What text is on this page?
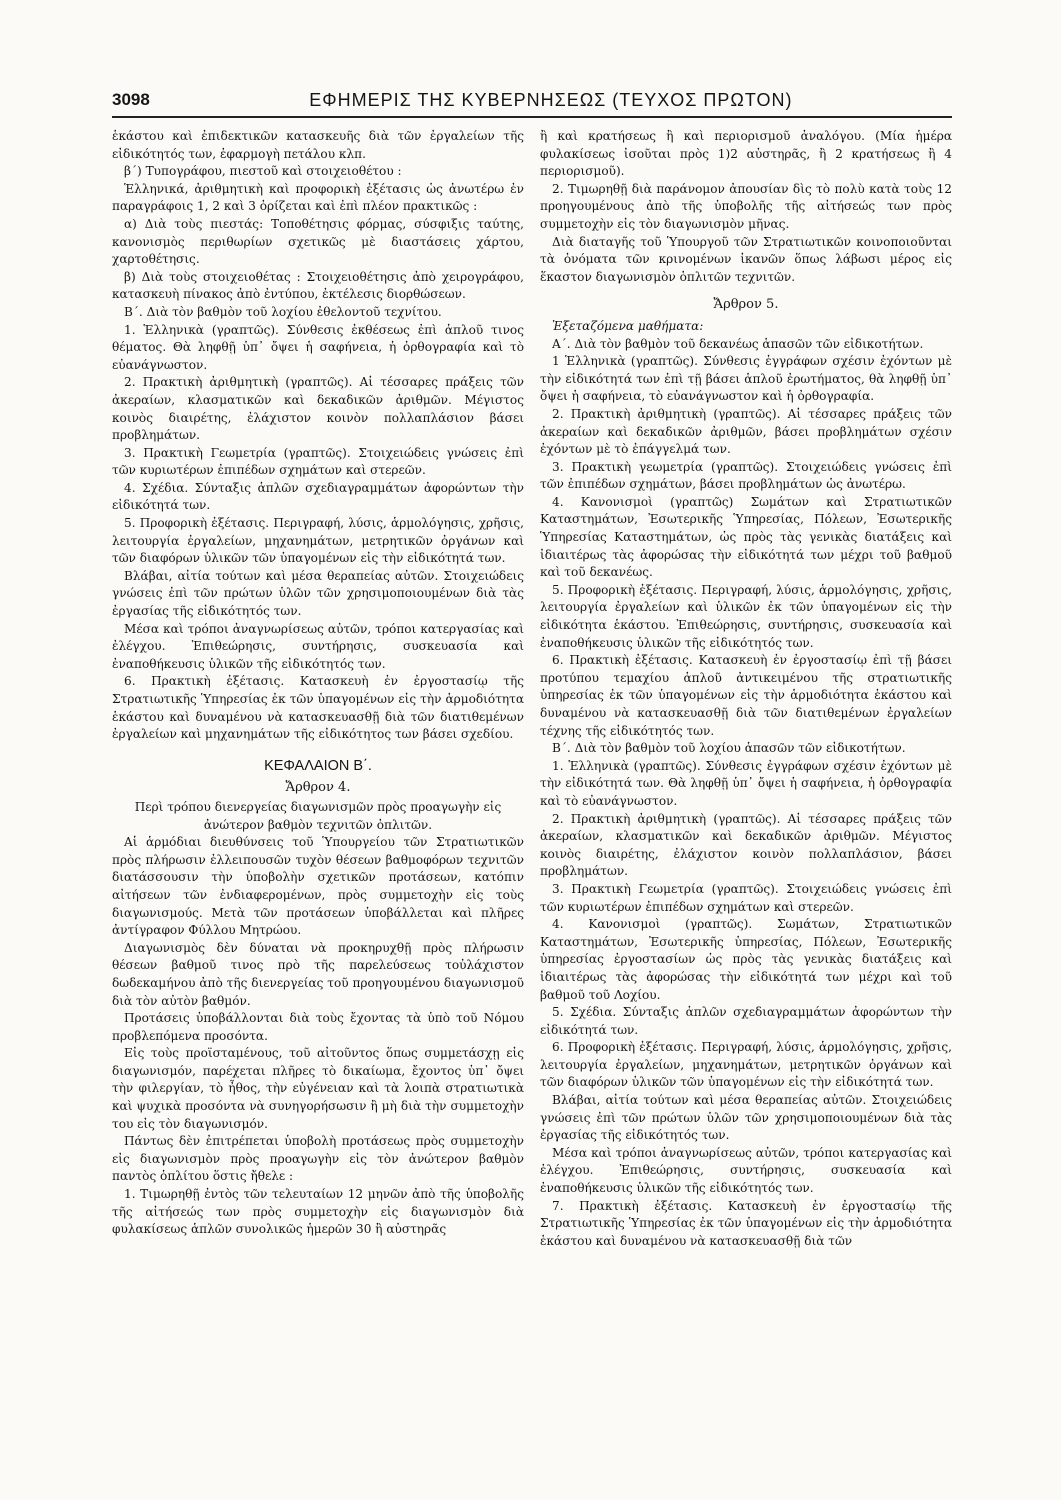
3098	ΕΦΗΜΕΡΙΣ ΤΗΣ ΚΥΒΕΡΝΗΣΕΩΣ (ΤΕΥΧΟΣ ΠΡΩΤΟΝ)

ἑκάστου καὶ ἐπιδεκτικῶν κατασκευῆς διὰ τῶν ἐργαλείων τῆς εἰδικότητός των, ἐφαρμογὴ πετάλου κλπ.

β΄) Τυπογράφου, πιεστοῦ καὶ στοιχειοθέτου :

Ἑλληνικά, ἀριθμητικὴ καὶ προφορικὴ ἐξέτασις ὡς ἀνωτέρω ἐν παραγράφοις 1, 2 καὶ 3 ὁρίζεται καὶ ἐπὶ πλέον πρακτικῶς :

α) Διὰ τοὺς πιεστάς: Τοποθέτησις φόρμας, σύσφιξις ταύτης, κανονισμὸς περιθωρίων σχετικῶς μὲ διαστάσεις χάρτου, χαρτοθέτησις.

β) Διὰ τοὺς στοιχειοθέτας : Στοιχειοθέτησις ἀπὸ χειρογράφου, κατασκευὴ πίνακος ἀπὸ ἐντύπου, ἐκτέλεσις διορθώσεων.

Β΄. Διὰ τὸν βαθμὸν τοῦ λοχίου ἐθελοντοῦ τεχνίτου.

1. Ἑλληνικὰ (γραπτῶς). Σύνθεσις ἐκθέσεως ἐπὶ ἁπλοῦ τινος θέματος. Θὰ ληφθῇ ὑπ᾿ ὄψει ἡ σαφήνεια, ἡ ὀρθογραφία καὶ τὸ εὐανάγνωστον.

2. Πρακτικὴ ἀριθμητικὴ (γραπτῶς). Αἱ τέσσαρες πράξεις τῶν ἀκεραίων, κλασματικῶν καὶ δεκαδικῶν ἀριθμῶν. Μέγιστος κοινὸς διαιρέτης, ἐλάχιστον κοινὸν πολλαπλάσιον βάσει προβλημάτων.

3. Πρακτικὴ Γεωμετρία (γραπτῶς). Στοιχειώδεις γνώσεις ἐπὶ τῶν κυριωτέρων ἐπιπέδων σχημάτων καὶ στερεῶν.

4. Σχέδια. Σύνταξις ἁπλῶν σχεδιαγραμμάτων ἀφορώντων τὴν εἰδικότητά των.

5. Προφορικὴ ἐξέτασις. Περιγραφή, λύσις, ἁρμολόγησις, χρῆσις, λειτουργία ἐργαλείων, μηχανημάτων, μετρητικῶν ὀργάνων καὶ τῶν διαφόρων ὑλικῶν τῶν ὑπαγομένων εἰς τὴν εἰδικότητά των.

Βλάβαι, αἰτία τούτων καὶ μέσα θεραπείας αὐτῶν. Στοιχειώδεις γνώσεις ἐπὶ τῶν πρώτων ὑλῶν τῶν χρησιμοποιουμένων διὰ τὰς ἐργασίας τῆς εἰδικότητός των.

Μέσα καὶ τρόποι ἀναγνωρίσεως αὐτῶν, τρόποι κατεργασίας καὶ ἐλέγχου. Ἐπιθεώρησις, συντήρησις, συσκευασία καὶ ἐναποθήκευσις ὑλικῶν τῆς εἰδικότητός των.

6. Πρακτικὴ ἐξέτασις. Κατασκευὴ ἐν ἐργοστασίῳ τῆς Στρατιωτικῆς Ὑπηρεσίας ἐκ τῶν ὑπαγομένων εἰς τὴν ἁρμοδιότητα ἑκάστου καὶ δυναμένου νὰ κατασκευασθῇ διὰ τῶν διατιθεμένων ἐργαλείων καὶ μηχανημάτων τῆς εἰδικότητος των βάσει σχεδίου.

ΚΕΦΑΛΑΙΟΝ Β΄.

Ἄρθρον 4.

Περὶ τρόπου διενεργείας διαγωνισμῶν πρὸς προαγωγὴν εἰς ἀνώτερον βαθμὸν τεχνιτῶν ὁπλιτῶν.

Αἱ ἁρμόδιαι διευθύνσεις τοῦ Ὑπουργείου τῶν Στρατιωτικῶν πρὸς πλήρωσιν ἐλλειπουσῶν τυχὸν θέσεων βαθμοφόρων τεχνιτῶν διατάσσουσιν τὴν ὑποβολὴν σχετικῶν προτάσεων, κατόπιν αἰτήσεων τῶν ἐνδιαφερομένων, πρὸς συμμετοχὴν εἰς τοὺς διαγωνισμούς. Μετὰ τῶν προτάσεων ὑποβάλλεται καὶ πλῆρες ἀντίγραφον Φύλλου Μητρώου.

Διαγωνισμὸς δὲν δύναται νὰ προκηρυχθῇ πρὸς πλήρωσιν θέσεων βαθμοῦ τινος πρὸ τῆς παρελεύσεως τοὐλάχιστον δωδεκαμήνου ἀπὸ τῆς διενεργείας τοῦ προηγουμένου διαγωνισμοῦ διὰ τὸν αὐτὸν βαθμόν.

Προτάσεις ὑποβάλλονται διὰ τοὺς ἔχοντας τὰ ὑπὸ τοῦ Νόμου προβλεπόμενα προσόντα.

Εἰς τοὺς προϊσταμένους, τοῦ αἰτοῦντος ὅπως συμμετάσχῃ εἰς διαγωνισμόν, παρέχεται πλῆρες τὸ δικαίωμα, ἔχοντος ὑπ᾿ ὄψει τὴν φιλεργίαν, τὸ ἦθος, τὴν εὐγένειαν καὶ τὰ λοιπὰ στρατιωτικὰ καὶ ψυχικὰ προσόντα νὰ συνηγορήσωσιν ἢ μὴ διὰ τὴν συμμετοχὴν του εἰς τὸν διαγωνισμόν.

Πάντως δὲν ἐπιτρέπεται ὑποβολὴ προτάσεως πρὸς συμμετοχὴν εἰς διαγωνισμὸν πρὸς προαγωγὴν εἰς τὸν ἀνώτερον βαθμὸν παντὸς ὁπλίτου ὅστις ἤθελε :

1. Τιμωρηθῇ ἐντὸς τῶν τελευταίων 12 μηνῶν ἀπὸ τῆς ὑποβολῆς τῆς αἰτήσεώς των πρὸς συμμετοχὴν εἰς διαγωνισμὸν διὰ φυλακίσεως ἁπλῶν συνολικῶς ἡμερῶν 30 ἢ αὐστηρᾶς

ἢ καὶ κρατήσεως ἢ καὶ περιορισμοῦ ἀναλόγου. (Μία ἡμέρα φυλακίσεως ἰσοῦται πρὸς 1)2 αὐστηρᾶς, ἢ 2 κρατήσεως ἢ 4 περιορισμοῦ).

2. Τιμωρηθῇ διὰ παράνομον ἀπουσίαν δὶς τὸ πολὺ κατὰ τοὺς 12 προηγουμένους ἀπὸ τῆς ὑποβολῆς τῆς αἰτήσεώς των πρὸς συμμετοχὴν εἰς τὸν διαγωνισμὸν μῆνας.

Διὰ διαταγῆς τοῦ Ὑπουργοῦ τῶν Στρατιωτικῶν κοινοποιοῦνται τὰ ὀνόματα τῶν κρινομένων ἱκανῶν ὅπως λάβωσι μέρος εἰς ἕκαστον διαγωνισμὸν ὁπλιτῶν τεχνιτῶν.

Ἄρθρον 5.

Ἐξεταζόμενα μαθήματα:

Α΄. Διὰ τὸν βαθμὸν τοῦ δεκανέως ἁπασῶν τῶν εἰδικοτήτων.

1 Ἑλληνικὰ (γραπτῶς). Σύνθεσις ἐγγράφων σχέσιν ἐχόντων μὲ τὴν εἰδικότητά των ἐπὶ τῇ βάσει ἁπλοῦ ἐρωτήματος, θὰ ληφθῇ ὑπ᾿ ὄψει ἡ σαφήνεια, τὸ εὐανάγνωστον καὶ ἡ ὀρθογραφία.

2. Πρακτικὴ ἀριθμητικὴ (γραπτῶς). Αἱ τέσσαρες πράξεις τῶν ἀκεραίων καὶ δεκαδικῶν ἀριθμῶν, βάσει προβλημάτων σχέσιν ἐχόντων μὲ τὸ ἐπάγγελμά των.

3. Πρακτικὴ γεωμετρία (γραπτῶς). Στοιχειώδεις γνώσεις ἐπὶ τῶν ἐπιπέδων σχημάτων, βάσει προβλημάτων ὡς ἀνωτέρω.

4. Κανονισμοὶ (γραπτῶς) Σωμάτων καὶ Στρατιωτικῶν Καταστημάτων, Ἐσωτερικῆς Ὑπηρεσίας, Πόλεων, Ἐσωτερικῆς Ὑπηρεσίας Καταστημάτων, ὡς πρὸς τὰς γενικὰς διατάξεις καὶ ἰδιαιτέρως τὰς ἀφορώσας τὴν εἰδικότητά των μέχρι τοῦ βαθμοῦ καὶ τοῦ δεκανέως.

5. Προφορικὴ ἐξέτασις. Περιγραφή, λύσις, ἁρμολόγησις, χρῆσις, λειτουργία ἐργαλείων καὶ ὑλικῶν ἐκ τῶν ὑπαγομένων εἰς τὴν εἰδικότητα ἑκάστου. Ἐπιθεώρησις, συντήρησις, συσκευασία καὶ ἐναποθήκευσις ὑλικῶν τῆς εἰδικότητός των.

6. Πρακτικὴ ἐξέτασις. Κατασκευὴ ἐν ἐργοστασίῳ ἐπὶ τῇ βάσει προτύπου τεμαχίου ἁπλοῦ ἀντικειμένου τῆς στρατιωτικῆς ὑπηρεσίας ἐκ τῶν ὑπαγομένων εἰς τὴν ἁρμοδιότητα ἑκάστου καὶ δυναμένου νὰ κατασκευασθῇ διὰ τῶν διατιθεμένων ἐργαλείων τέχνης τῆς εἰδικότητός των.

Β΄. Διὰ τὸν βαθμὸν τοῦ λοχίου ἁπασῶν τῶν εἰδικοτήτων.

1. Ἑλληνικὰ (γραπτῶς). Σύνθεσις ἐγγράφων σχέσιν ἐχόντων μὲ τὴν εἰδικότητά των. Θὰ ληφθῇ ὑπ᾿ ὄψει ἡ σαφήνεια, ἡ ὀρθογραφία καὶ τὸ εὐανάγνωστον.

2. Πρακτικὴ ἀριθμητικὴ (γραπτῶς). Αἱ τέσσαρες πράξεις τῶν ἀκεραίων, κλασματικῶν καὶ δεκαδικῶν ἀριθμῶν. Μέγιστος κοινὸς διαιρέτης, ἐλάχιστον κοινὸν πολλαπλάσιον, βάσει προβλημάτων.

3. Πρακτικὴ Γεωμετρία (γραπτῶς). Στοιχειώδεις γνώσεις ἐπὶ τῶν κυριωτέρων ἐπιπέδων σχημάτων καὶ στερεῶν.

4. Κανονισμοὶ (γραπτῶς). Σωμάτων, Στρατιωτικῶν Καταστημάτων, Ἐσωτερικῆς ὑπηρεσίας, Πόλεων, Ἐσωτερικῆς ὑπηρεσίας ἐργοστασίων ὡς πρὸς τὰς γενικὰς διατάξεις καὶ ἰδιαιτέρως τὰς ἀφορώσας τὴν εἰδικότητά των μέχρι καὶ τοῦ βαθμοῦ τοῦ Λοχίου.

5. Σχέδια. Σύνταξις ἁπλῶν σχεδιαγραμμάτων ἀφορώντων τὴν εἰδικότητά των.

6. Προφορικὴ ἐξέτασις. Περιγραφή, λύσις, ἁρμολόγησις, χρῆσις, λειτουργία ἐργαλείων, μηχανημάτων, μετρητικῶν ὀργάνων καὶ τῶν διαφόρων ὑλικῶν τῶν ὑπαγομένων εἰς τὴν εἰδικότητά των.

Βλάβαι, αἰτία τούτων καὶ μέσα θεραπείας αὐτῶν. Στοιχειώδεις γνώσεις ἐπὶ τῶν πρώτων ὑλῶν τῶν χρησιμοποιουμένων διὰ τὰς ἐργασίας τῆς εἰδικότητός των.

Μέσα καὶ τρόποι ἀναγνωρίσεως αὐτῶν, τρόποι κατεργασίας καὶ ἐλέγχου. Ἐπιθεώρησις, συντήρησις, συσκευασία καὶ ἐναποθήκευσις ὑλικῶν τῆς εἰδικότητός των.

7. Πρακτικὴ ἐξέτασις. Κατασκευὴ ἐν ἐργοστασίῳ τῆς Στρατιωτικῆς Ὑπηρεσίας ἐκ τῶν ὑπαγομένων εἰς τὴν ἁρμοδιότητα ἑκάστου καὶ δυναμένου νὰ κατασκευασθῇ διὰ τῶν
